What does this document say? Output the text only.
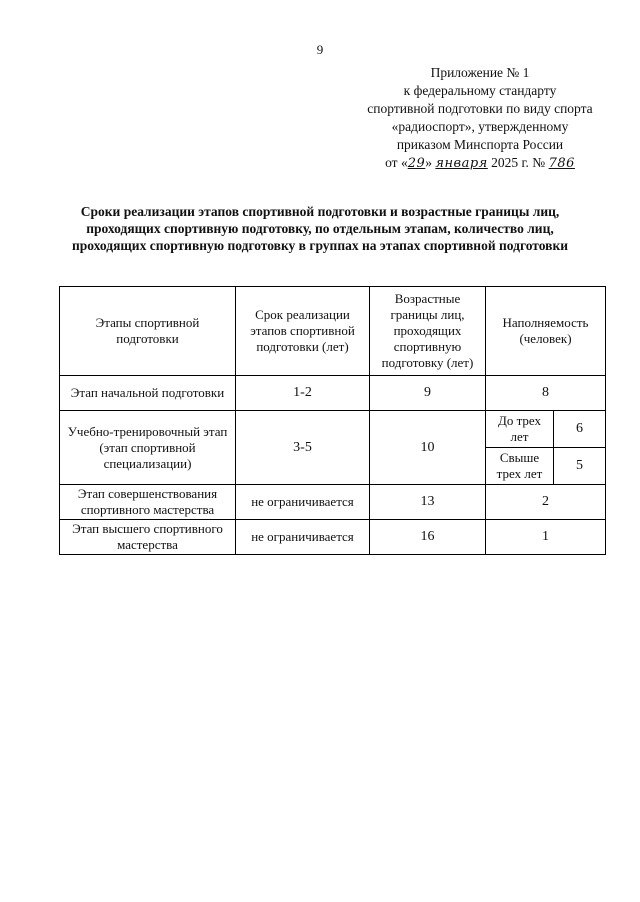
9
Приложение № 1
к федеральному стандарту
спортивной подготовки по виду спорта
«радиоспорт», утвержденному
приказом Минспорта России
от «29» января 2025 г. № 786
Сроки реализации этапов спортивной подготовки и возрастные границы лиц, проходящих спортивную подготовку, по отдельным этапам, количество лиц, проходящих спортивную подготовку в группах на этапах спортивной подготовки
Этапы спортивной подготовки	Срок реализации этапов спортивной подготовки (лет)	Возрастные границы лиц, проходящих спортивную подготовку (лет)	Наполняемость (человек)	
Этап начальной подготовки	1-2	9	8	
Учебно-тренировочный этап (этап спортивной специализации)	3-5	10	До трех лет	6
			Свыше трех лет	5
Этап совершенствования спортивного мастерства	не ограничивается	13	2	
Этап высшего спортивного мастерства	не ограничивается	16	1	
